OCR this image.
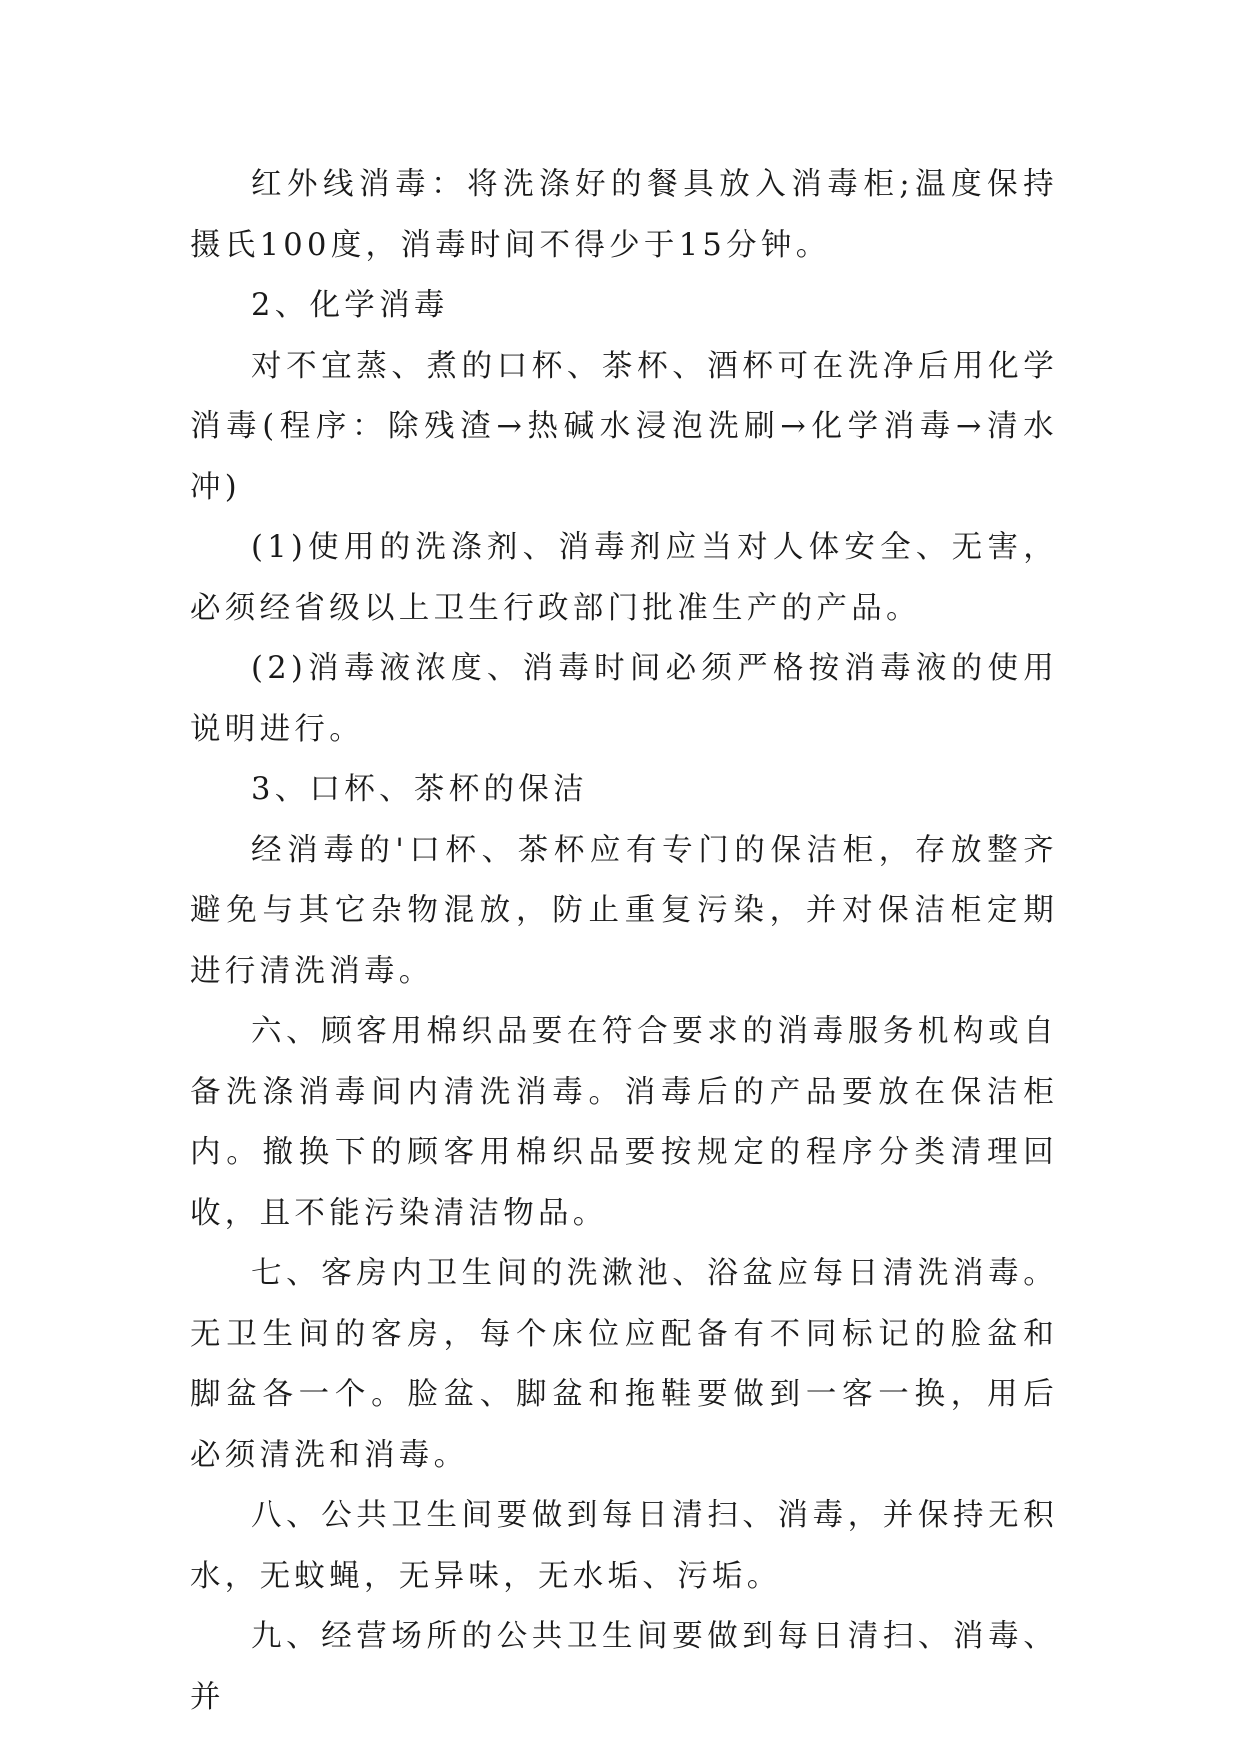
红外线消毒：将洗涤好的餐具放入消毒柜;温度保持摄氏100度，消毒时间不得少于15分钟。

2、化学消毒

对不宜蒸、煮的口杯、茶杯、酒杯可在洗净后用化学消毒(程序：除残渣→热碱水浸泡洗刷→化学消毒→清水冲)

(1)使用的洗涤剂、消毒剂应当对人体安全、无害，必须经省级以上卫生行政部门批准生产的产品。

(2)消毒液浓度、消毒时间必须严格按消毒液的使用说明进行。

3、口杯、茶杯的保洁

经消毒的'口杯、茶杯应有专门的保洁柜，存放整齐避免与其它杂物混放，防止重复污染，并对保洁柜定期进行清洗消毒。

六、顾客用棉织品要在符合要求的消毒服务机构或自备洗涤消毒间内清洗消毒。消毒后的产品要放在保洁柜内。撤换下的顾客用棉织品要按规定的程序分类清理回收，且不能污染清洁物品。

七、客房内卫生间的洗漱池、浴盆应每日清洗消毒。无卫生间的客房，每个床位应配备有不同标记的脸盆和脚盆各一个。脸盆、脚盆和拖鞋要做到一客一换，用后必须清洗和消毒。

八、公共卫生间要做到每日清扫、消毒，并保持无积水，无蚊蝇，无异味，无水垢、污垢。

九、经营场所的公共卫生间要做到每日清扫、消毒、并
